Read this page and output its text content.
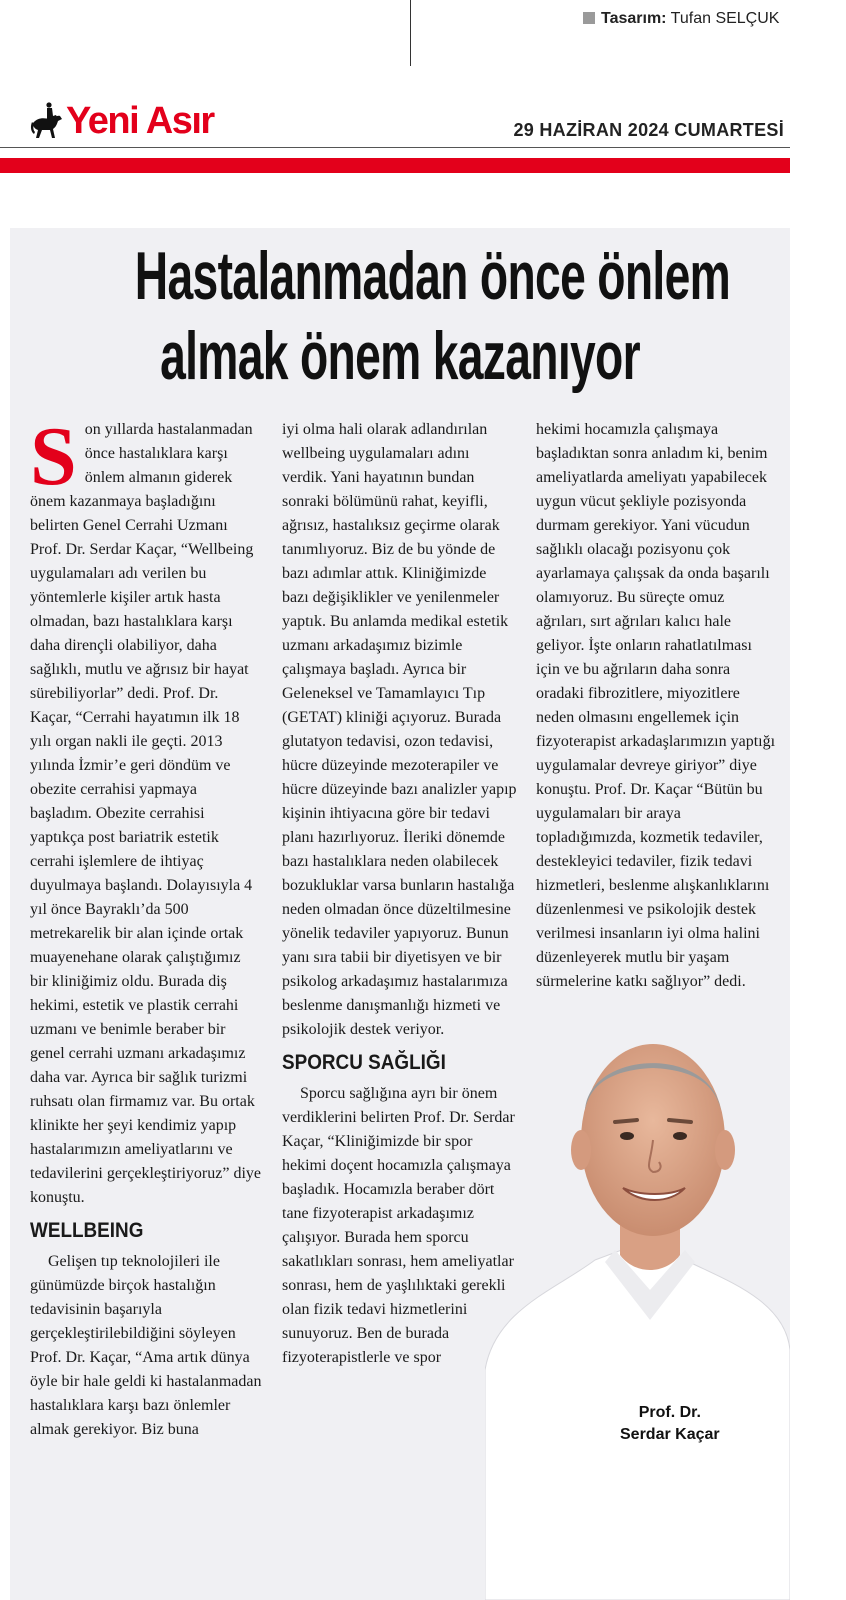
Tasarım: Tufan SELÇUK
Yeni Asır	29 HAZİRAN 2024 CUMARTESİ
Hastalanmadan önce önlem
almak önem kazanıyor

Son yıllarda hastalanmadan önce hastalıklara karşı önlem almanın giderek önem kazanmaya başladığını belirten Genel Cerrahi Uzmanı Prof. Dr. Serdar Kaçar, “Wellbeing uygulamaları adı verilen bu yöntemlerle kişiler artık hasta olmadan, bazı hastalıklara karşı daha dirençli olabiliyor, daha sağlıklı, mutlu ve ağrısız bir hayat sürebiliyorlar” dedi. Prof. Dr. Kaçar, “Cerrahi hayatımın ilk 18 yılı organ nakli ile geçti. 2013 yılında İzmir’e geri döndüm ve obezite cerrahisi yapmaya başladım. Obezite cerrahisi yaptıkça post bariatrik estetik cerrahi işlemlere de ihtiyaç duyulmaya başlandı. Dolayısıyla 4 yıl önce Bayraklı’da 500 metrekarelik bir alan içinde ortak muayenehane olarak çalıştığımız bir kliniğimiz oldu. Burada diş hekimi, estetik ve plastik cerrahi uzmanı ve benimle beraber bir genel cerrahi uzmanı arkadaşımız daha var. Ayrıca bir sağlık turizmi ruhsatı olan firmamız var. Bu ortak klinikte her şeyi kendimiz yapıp hastalarımızın ameliyatlarını ve tedavilerini gerçekleştiriyoruz” diye konuştu.

WELLBEING

Gelişen tıp teknolojileri ile günümüzde birçok hastalığın tedavisinin başarıyla gerçekleştirilebildiğini söyleyen Prof. Dr. Kaçar, “Ama artık dünya öyle bir hale geldi ki hastalanmadan hastalıklara karşı bazı önlemler almak gerekiyor. Biz buna

iyi olma hali olarak adlandırılan wellbeing uygulamaları adını verdik. Yani hayatının bundan sonraki bölümünü rahat, keyifli, ağrısız, hastalıksız geçirme olarak tanımlıyoruz. Biz de bu yönde de bazı adımlar attık. Kliniğimizde bazı değişiklikler ve yenilenmeler yaptık. Bu anlamda medikal estetik uzmanı arkadaşımız bizimle çalışmaya başladı. Ayrıca bir Geleneksel ve Tamamlayıcı Tıp (GETAT) kliniği açıyoruz. Burada glutatyon tedavisi, ozon tedavisi, hücre düzeyinde mezoterapiler ve hücre düzeyinde bazı analizler yapıp kişinin ihtiyacına göre bir tedavi planı hazırlıyoruz. İleriki dönemde bazı hastalıklara neden olabilecek bozukluklar varsa bunların hastalığa neden olmadan önce düzeltilmesine yönelik tedaviler yapıyoruz. Bunun yanı sıra tabii bir diyetisyen ve bir psikolog arkadaşımız hastalarımıza beslenme danışmanlığı hizmeti ve psikolojik destek veriyor.

SPORCU SAĞLIĞI

Sporcu sağlığına ayrı bir önem verdiklerini belirten Prof. Dr. Serdar Kaçar, “Kliniğimizde bir spor hekimi doçent hocamızla çalışmaya başladık. Hocamızla beraber dört tane fizyoterapist arkadaşımız çalışıyor. Burada hem sporcu sakatlıkları sonrası, hem ameliyatlar sonrası, hem de yaşlılıktaki gerekli olan fizik tedavi hizmetlerini sunuyoruz. Ben de burada fizyoterapistlerle ve spor

hekimi hocamızla çalışmaya başladıktan sonra anladım ki, benim ameliyatlarda ameliyatı yapabilecek uygun vücut şekliyle pozisyonda durmam gerekiyor. Yani vücudun sağlıklı olacağı pozisyonu çok ayarlamaya çalışsak da onda başarılı olamıyoruz. Bu süreçte omuz ağrıları, sırt ağrıları kalıcı hale geliyor. İşte onların rahatlatılması için ve bu ağrıların daha sonra oradaki fibrozitlere, miyozitlere neden olmasını engellemek için fizyoterapist arkadaşlarımızın yaptığı uygulamalar devreye giriyor” diye konuştu. Prof. Dr. Kaçar “Bütün bu uygulamaları bir araya topladığımızda, kozmetik tedaviler, destekleyici tedaviler, fizik tedavi hizmetleri, beslenme alışkanlıklarını düzenlenmesi ve psikolojik destek verilmesi insanların iyi olma halini düzenleyerek mutlu bir yaşam sürmelerine katkı sağlıyor” dedi.

Prof. Dr.
Serdar Kaçar
